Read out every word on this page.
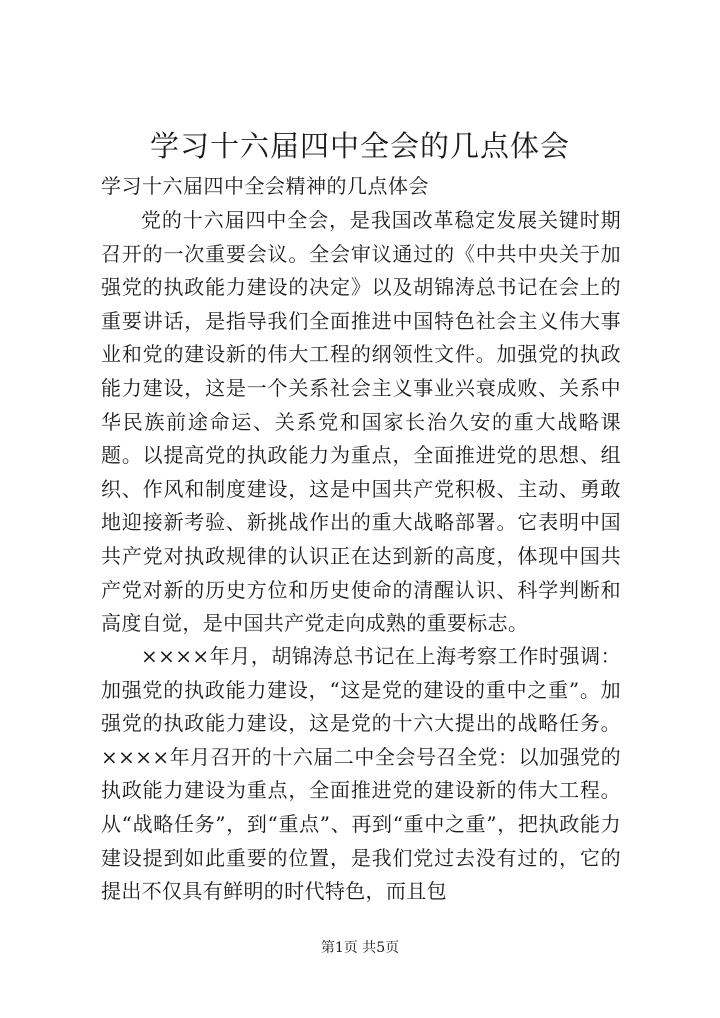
学习十六届四中全会的几点体会

学习十六届四中全会精神的几点体会

党的十六届四中全会，是我国改革稳定发展关键时期召开的一次重要会议。全会审议通过的《中共中央关于加强党的执政能力建设的决定》以及胡锦涛总书记在会上的重要讲话，是指导我们全面推进中国特色社会主义伟大事业和党的建设新的伟大工程的纲领性文件。加强党的执政能力建设，这是一个关系社会主义事业兴衰成败、关系中华民族前途命运、关系党和国家长治久安的重大战略课题。以提高党的执政能力为重点，全面推进党的思想、组织、作风和制度建设，这是中国共产党积极、主动、勇敢地迎接新考验、新挑战作出的重大战略部署。它表明中国共产党对执政规律的认识正在达到新的高度，体现中国共产党对新的历史方位和历史使命的清醒认识、科学判断和高度自觉，是中国共产党走向成熟的重要标志。

××××年月，胡锦涛总书记在上海考察工作时强调：加强党的执政能力建设，“这是党的建设的重中之重”。加强党的执政能力建设，这是党的十六大提出的战略任务。××××年月召开的十六届二中全会号召全党：以加强党的执政能力建设为重点，全面推进党的建设新的伟大工程。从“战略任务”，到“重点”、再到“重中之重”，把执政能力建设提到如此重要的位置，是我们党过去没有过的，它的提出不仅具有鲜明的时代特色，而且包

第1页 共5页
